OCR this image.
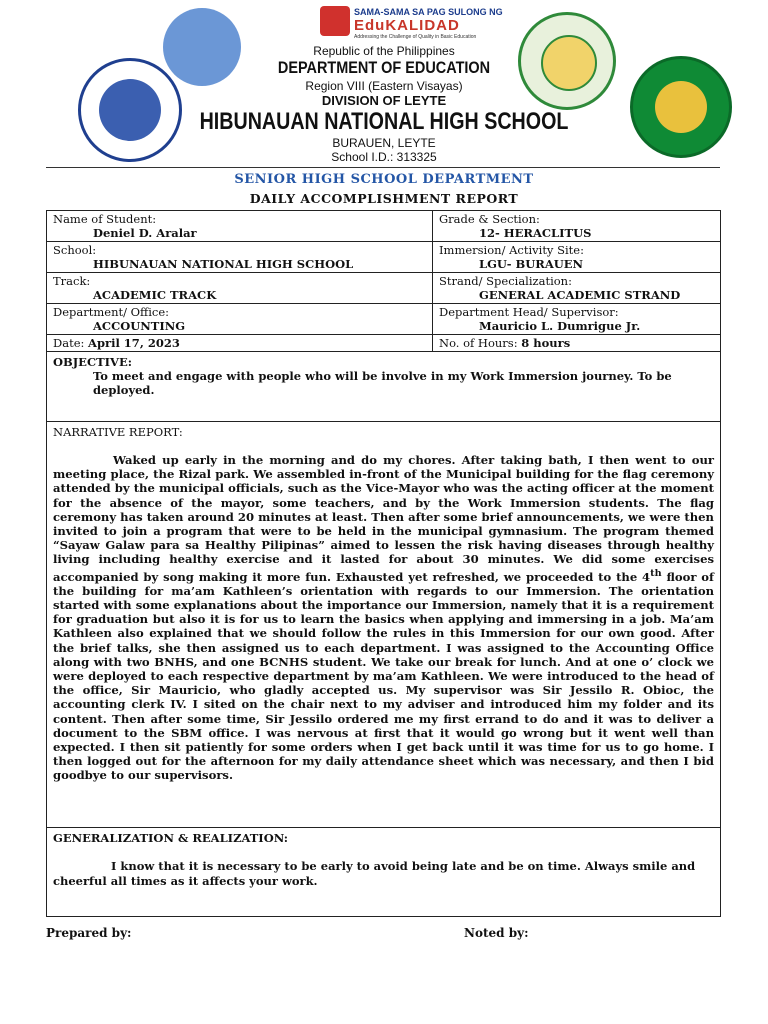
SAMA-SAMA SA PAG SULONG NG
EduKALIDAD
Addressing the Challenge of Quality in Basic Education
Republic of the Philippines
DEPARTMENT OF EDUCATION
Region VIII (Eastern Visayas)
DIVISION OF LEYTE
HIBUNAUAN NATIONAL HIGH SCHOOL
BURAUEN, LEYTE
School I.D.: 313325
SENIOR HIGH SCHOOL DEPARTMENT
DAILY ACCOMPLISHMENT REPORT
Name of Student:
Deniel D. Aralar
Grade & Section:
12- HERACLITUS
School:
HIBUNAUAN NATIONAL HIGH SCHOOL
Immersion/ Activity Site:
LGU- BURAUEN
Track:
ACADEMIC TRACK
Strand/ Specialization:
GENERAL ACADEMIC STRAND
Department/ Office:
ACCOUNTING
Department Head/ Supervisor:
Mauricio L. Dumrigue Jr.
Date: April 17, 2023	No. of Hours: 8 hours
OBJECTIVE:
To meet and engage with people who will be involve in my Work Immersion journey. To be deployed.
NARRATIVE REPORT:
Waked up early in the morning and do my chores. After taking bath, I then went to our meeting place, the Rizal park. We assembled in-front of the Municipal building for the flag ceremony attended by the municipal officials, such as the Vice-Mayor who was the acting officer at the moment for the absence of the mayor, some teachers, and by the Work Immersion students. The flag ceremony has taken around 20 minutes at least. Then after some brief announcements, we were then invited to join a program that were to be held in the municipal gymnasium. The program themed “Sayaw Galaw para sa Healthy Pilipinas” aimed to lessen the risk having diseases through healthy living including healthy exercise and it lasted for about 30 minutes. We did some exercises accompanied by song making it more fun. Exhausted yet refreshed, we proceeded to the 4th floor of the building for ma’am Kathleen’s orientation with regards to our Immersion. The orientation started with some explanations about the importance our Immersion, namely that it is a requirement for graduation but also it is for us to learn the basics when applying and immersing in a job. Ma’am Kathleen also explained that we should follow the rules in this Immersion for our own good. After the brief talks, she then assigned us to each department. I was assigned to the Accounting Office along with two BNHS, and one BCNHS student. We take our break for lunch. And at one o’ clock we were deployed to each respective department by ma’am Kathleen. We were introduced to the head of the office, Sir Mauricio, who gladly accepted us. My supervisor was Sir Jessilo R. Obioc, the accounting clerk IV. I sited on the chair next to my adviser and introduced him my folder and its content. Then after some time, Sir Jessilo ordered me my first errand to do and it was to deliver a document to the SBM office. I was nervous at first that it would go wrong but it went well than expected. I then sit patiently for some orders when I get back until it was time for us to go home. I then logged out for the afternoon for my daily attendance sheet which was necessary, and then I bid goodbye to our supervisors.
GENERALIZATION & REALIZATION:
I know that it is necessary to be early to avoid being late and be on time. Always smile and cheerful all times as it affects your work.
Prepared by:	Noted by:
